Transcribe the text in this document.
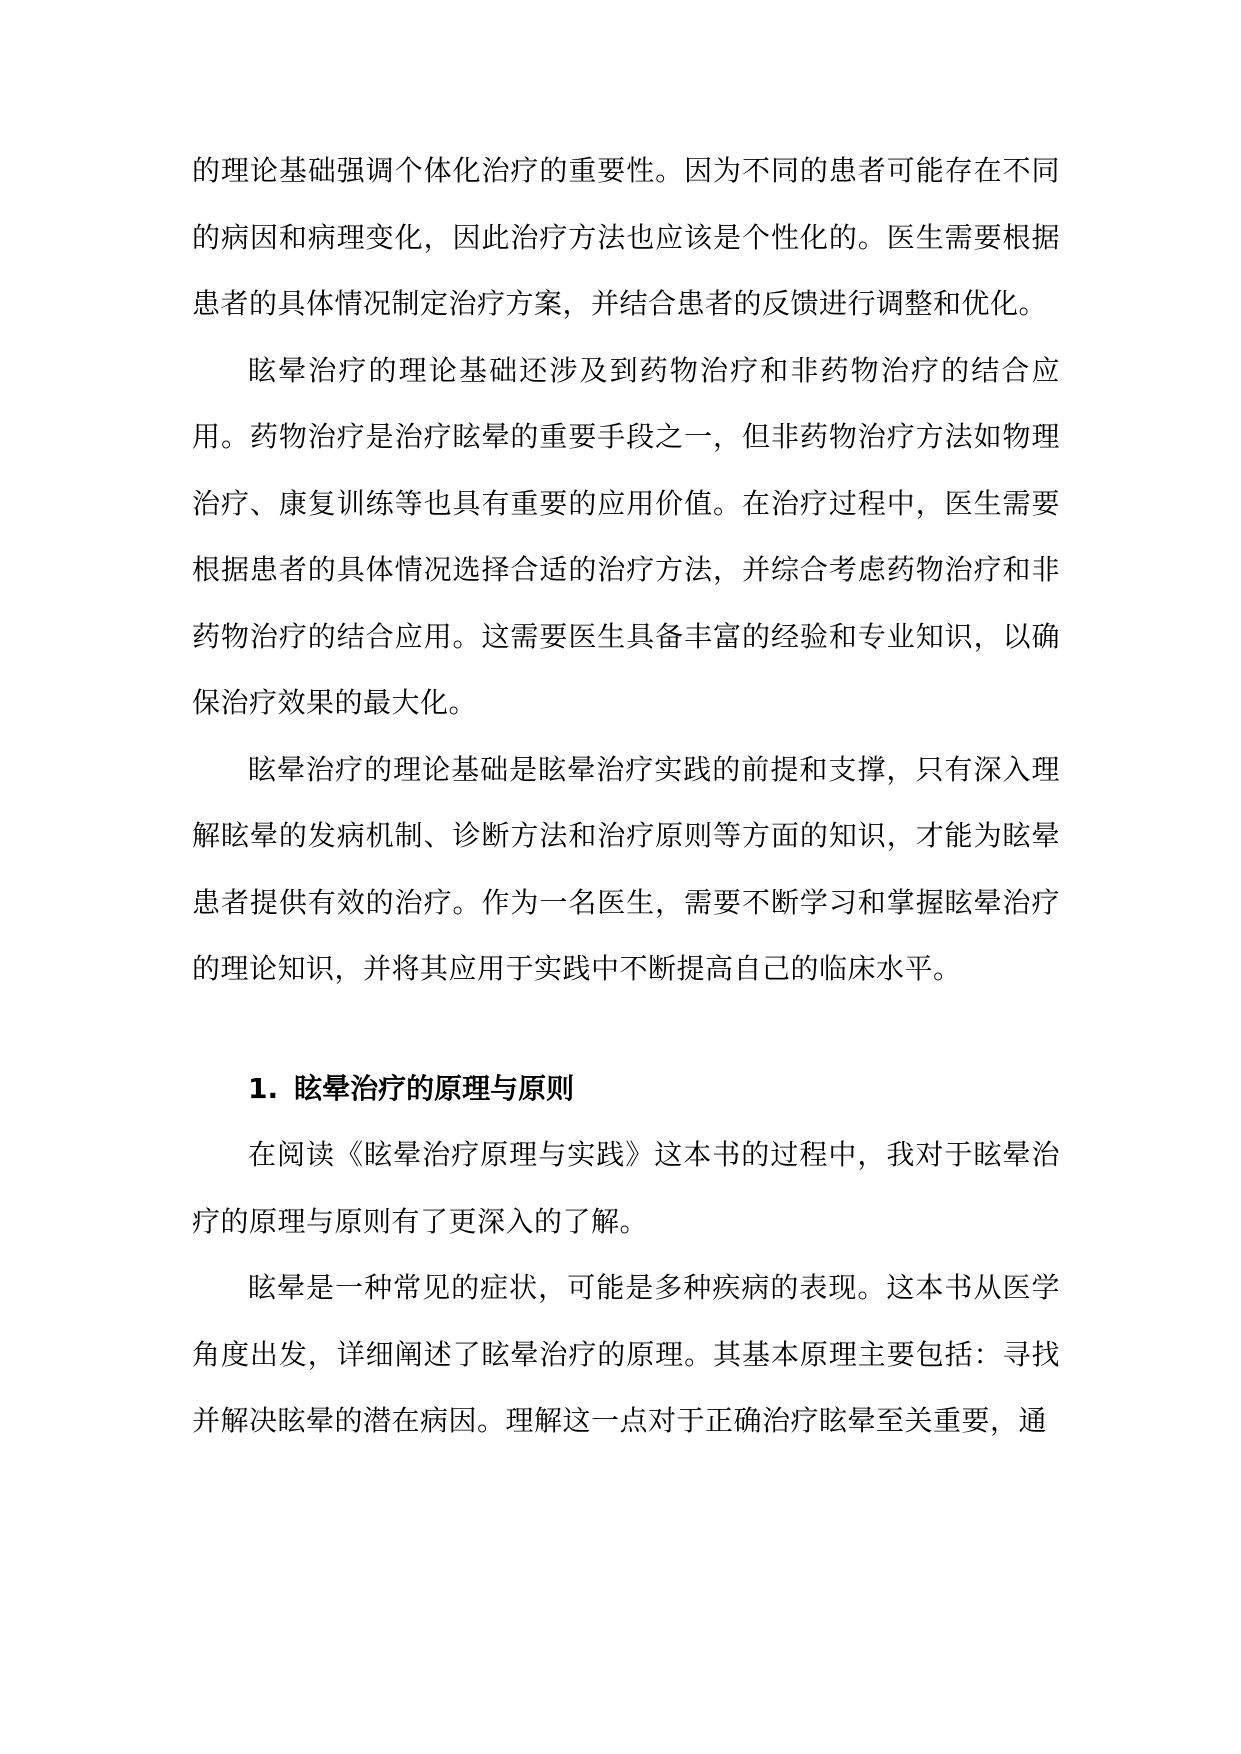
的理论基础强调个体化治疗的重要性。因为不同的患者可能存在不同的病因和病理变化，因此治疗方法也应该是个性化的。医生需要根据患者的具体情况制定治疗方案，并结合患者的反馈进行调整和优化。

眩晕治疗的理论基础还涉及到药物治疗和非药物治疗的结合应用。药物治疗是治疗眩晕的重要手段之一，但非药物治疗方法如物理治疗、康复训练等也具有重要的应用价值。在治疗过程中，医生需要根据患者的具体情况选择合适的治疗方法，并综合考虑药物治疗和非药物治疗的结合应用。这需要医生具备丰富的经验和专业知识，以确保治疗效果的最大化。

眩晕治疗的理论基础是眩晕治疗实践的前提和支撑，只有深入理解眩晕的发病机制、诊断方法和治疗原则等方面的知识，才能为眩晕患者提供有效的治疗。作为一名医生，需要不断学习和掌握眩晕治疗的理论知识，并将其应用于实践中不断提高自己的临床水平。

1. 眩晕治疗的原理与原则

在阅读《眩晕治疗原理与实践》这本书的过程中，我对于眩晕治疗的原理与原则有了更深入的了解。

眩晕是一种常见的症状，可能是多种疾病的表现。这本书从医学角度出发，详细阐述了眩晕治疗的原理。其基本原理主要包括：寻找并解决眩晕的潜在病因。理解这一点对于正确治疗眩晕至关重要，通
